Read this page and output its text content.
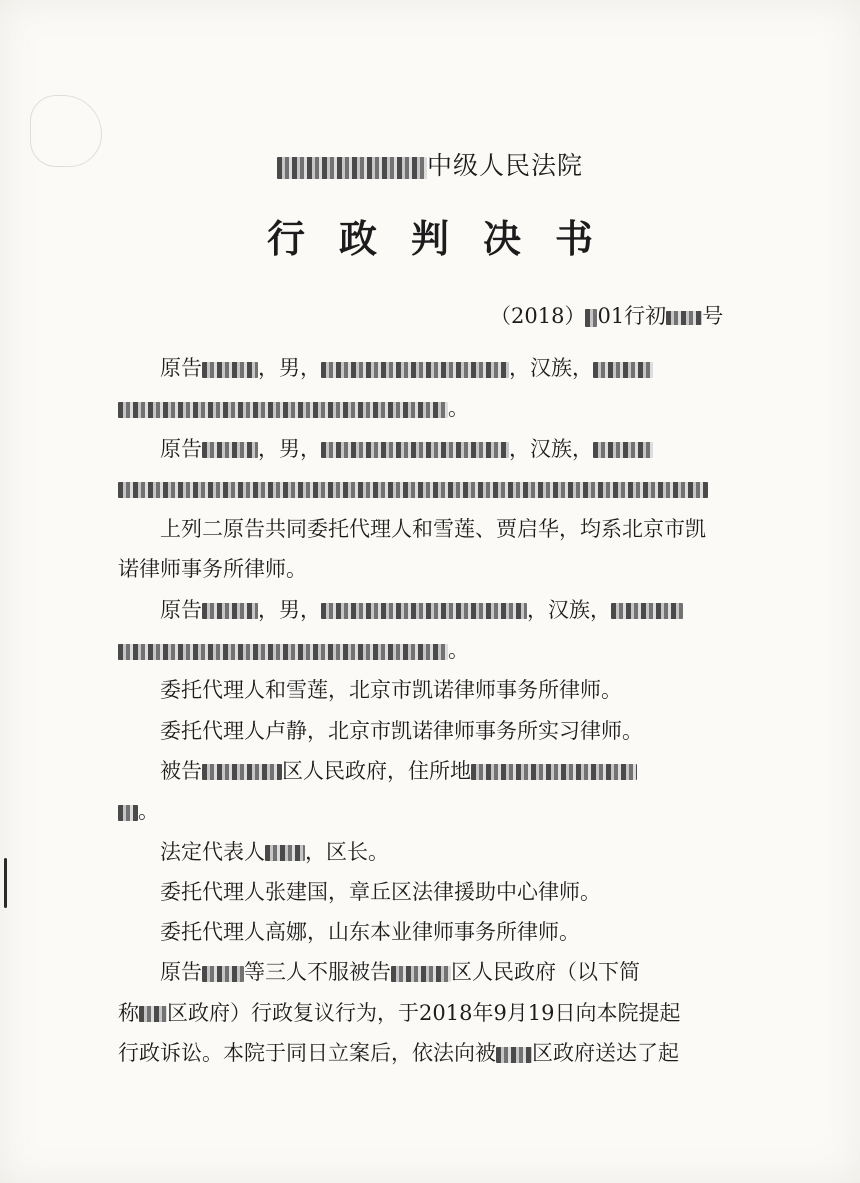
中级人民法院
行政判决书
（2018） 01行初 号

原告	，男，	，汉族，
。

原告	，男，	，汉族，

上列二原告共同委托代理人和雪莲、贾启华，均系北京市凯
诺律师事务所律师。

原告	，男，	，汉族，
。

委托代理人和雪莲，北京市凯诺律师事务所律师。

委托代理人卢静，北京市凯诺律师事务所实习律师。

被告	区人民政府，住所地
。

法定代表人 ，区长。

委托代理人张建国，章丘区法律援助中心律师。

委托代理人高娜，山东本业律师事务所律师。

原告 等三人不服被告	区人民政府（以下简
称 区政府）行政复议行为，于2018年9月19日向本院提起
行政诉讼。本院于同日立案后，依法向被 区政府送达了起
